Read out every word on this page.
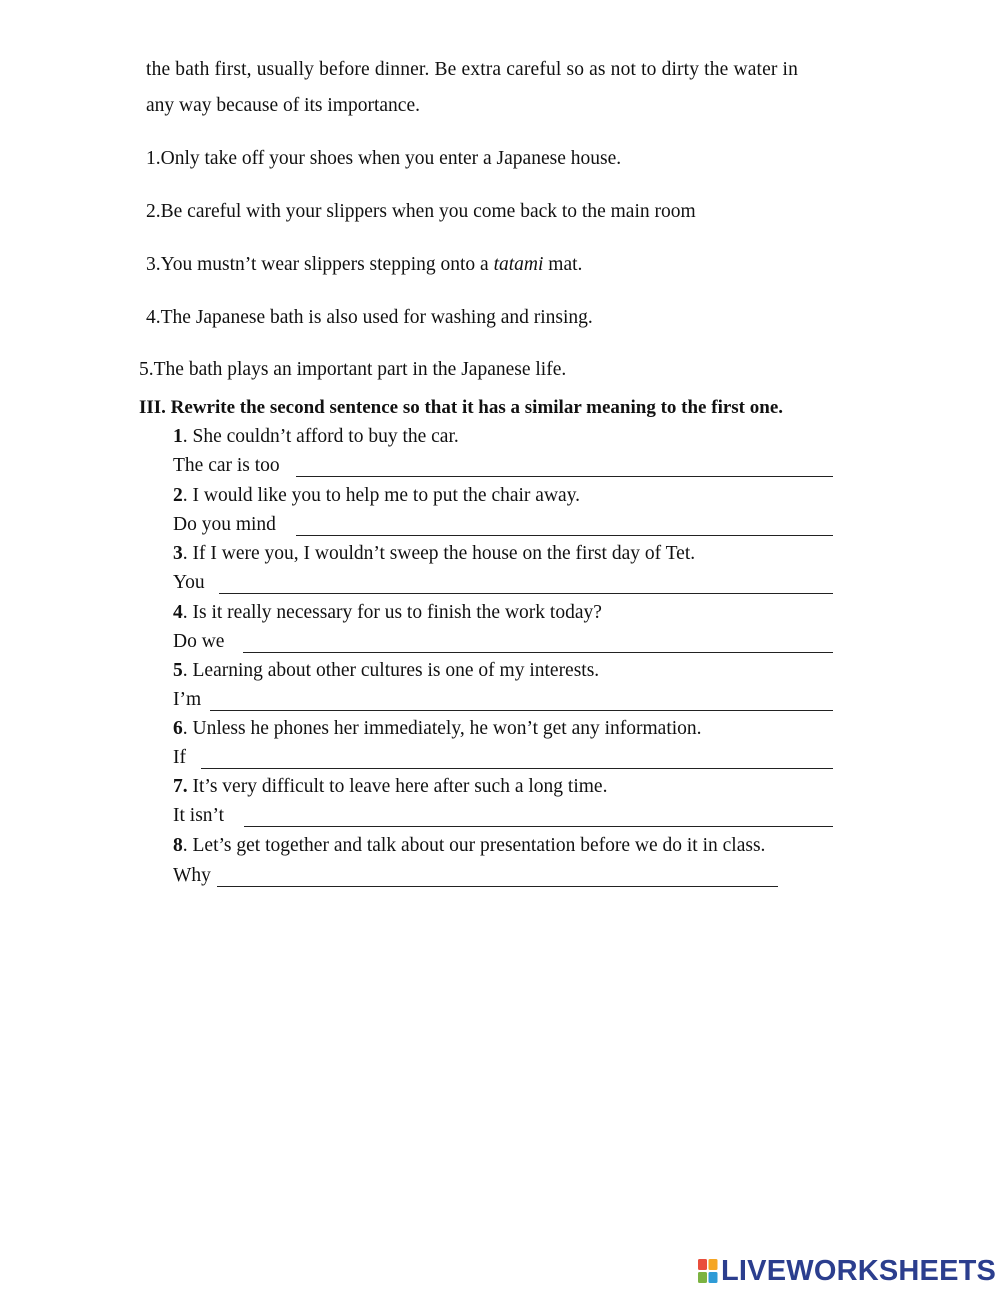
the bath first, usually before dinner. Be extra careful so as not to dirty the water in
any way because of its importance.
1.Only take off your shoes when you enter a Japanese house.
2.Be careful with your slippers when you come back to the main room
3.You mustn’t wear slippers stepping onto a tatami mat.
4.The Japanese bath is also used for washing and rinsing.
5.The bath plays an important part in the Japanese life.
III. Rewrite the second sentence so that it has a similar meaning to the first one.
1. She couldn’t afford to buy the car.
The car is too
2. I would like you to help me to put the chair away.
Do you mind
3. If I were you, I wouldn’t sweep the house on the first day of Tet.
You
4. Is it really necessary for us to finish the work today?
Do we
5. Learning about other cultures is one of my interests.
I’m
6. Unless he phones her immediately, he won’t get any information.
If
7. It’s very difficult to leave here after such a long time.
It isn’t
8. Let’s get together and talk about our presentation before we do it in class.
Why
LIVEWORKSHEETS
